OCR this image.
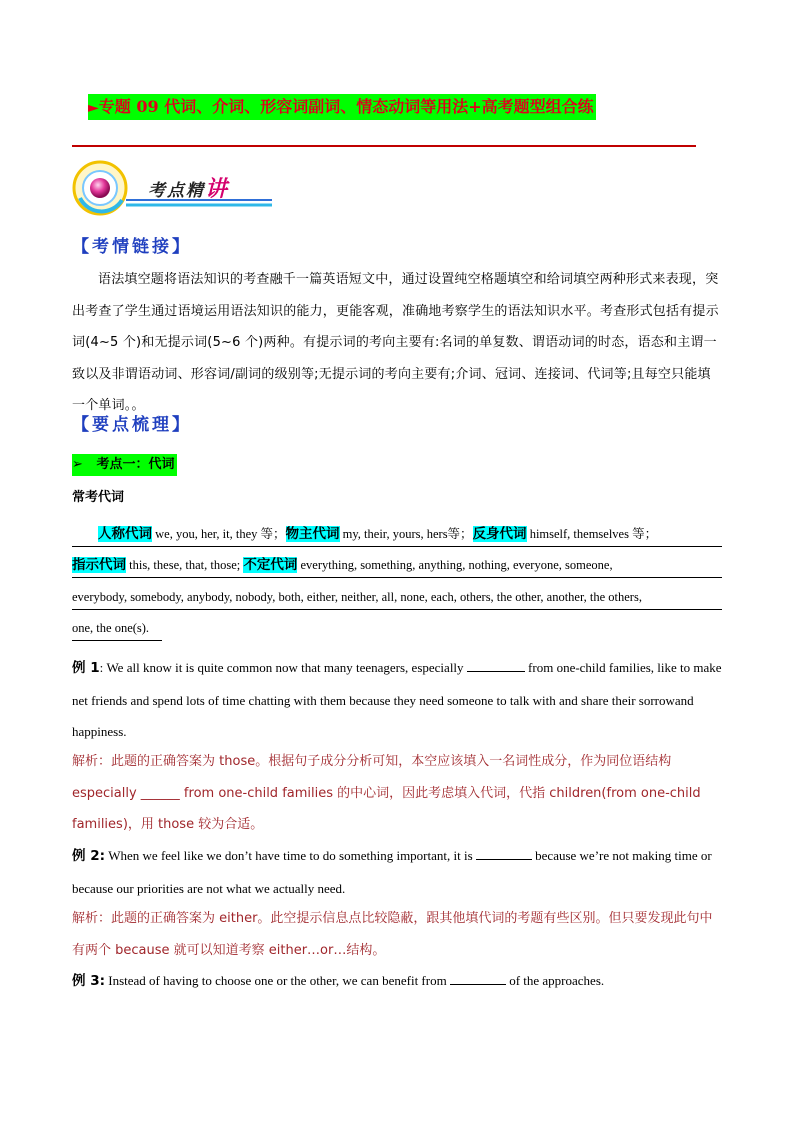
►专题 09 代词、介词、形容词副词、情态动词等用法+高考题型组合练
考点精讲
【考情链接】
语法填空题将语法知识的考查融千一篇英语短文中，通过设置纯空格题填空和给词填空两种形式来表现，突出考查了学生通过语境运用语法知识的能力，更能客观，准确地考察学生的语法知识水平。考查形式包括有提示词(4~5 个)和无提示词(5~6 个)两种。有提示词的考向主要有:名词的单复数、谓语动词的时态，语态和主谓一致以及非谓语动词、形容词/副词的级别等;无提示词的考向主要有;介词、冠词、连接词、代词等;且每空只能填一个单词。。
【要点梳理】
➢ 考点一：代词
常考代词
人称代词 we, you, her, it, they 等；物主代词 my, their, yours, hers等；反身代词 himself, themselves 等；
指示代词 this, these, that, those; 不定代词 everything, something, anything, nothing, everyone, someone,
everybody, somebody, anybody, nobody, both, either, neither, all, none, each, others, the other, another, the others,
one, the one(s).
例 1: We all know it is quite common now that many teenagers, especially	from one-child families, like to make net friends and spend lots of time chatting with them because they need someone to talk with and share their sorrowand happiness.
解析：此题的正确答案为 those。根据句子成分分析可知，本空应该填入一名词性成分，作为同位语结构 especially ______ from one-child families 的中心词，因此考虑填入代词，代指 children(from one-child families)，用 those 较为合适。
例 2: When we feel like we don’t have time to do something important, it is	because we’re not making time or because our priorities are not what we actually need.
解析：此题的正确答案为 either。此空提示信息点比较隐蔽，跟其他填代词的考题有些区别。但只要发现此句中有两个 because 就可以知道考察 either…or…结构。
例 3: Instead of having to choose one or the other, we can benefit from	of the approaches.
